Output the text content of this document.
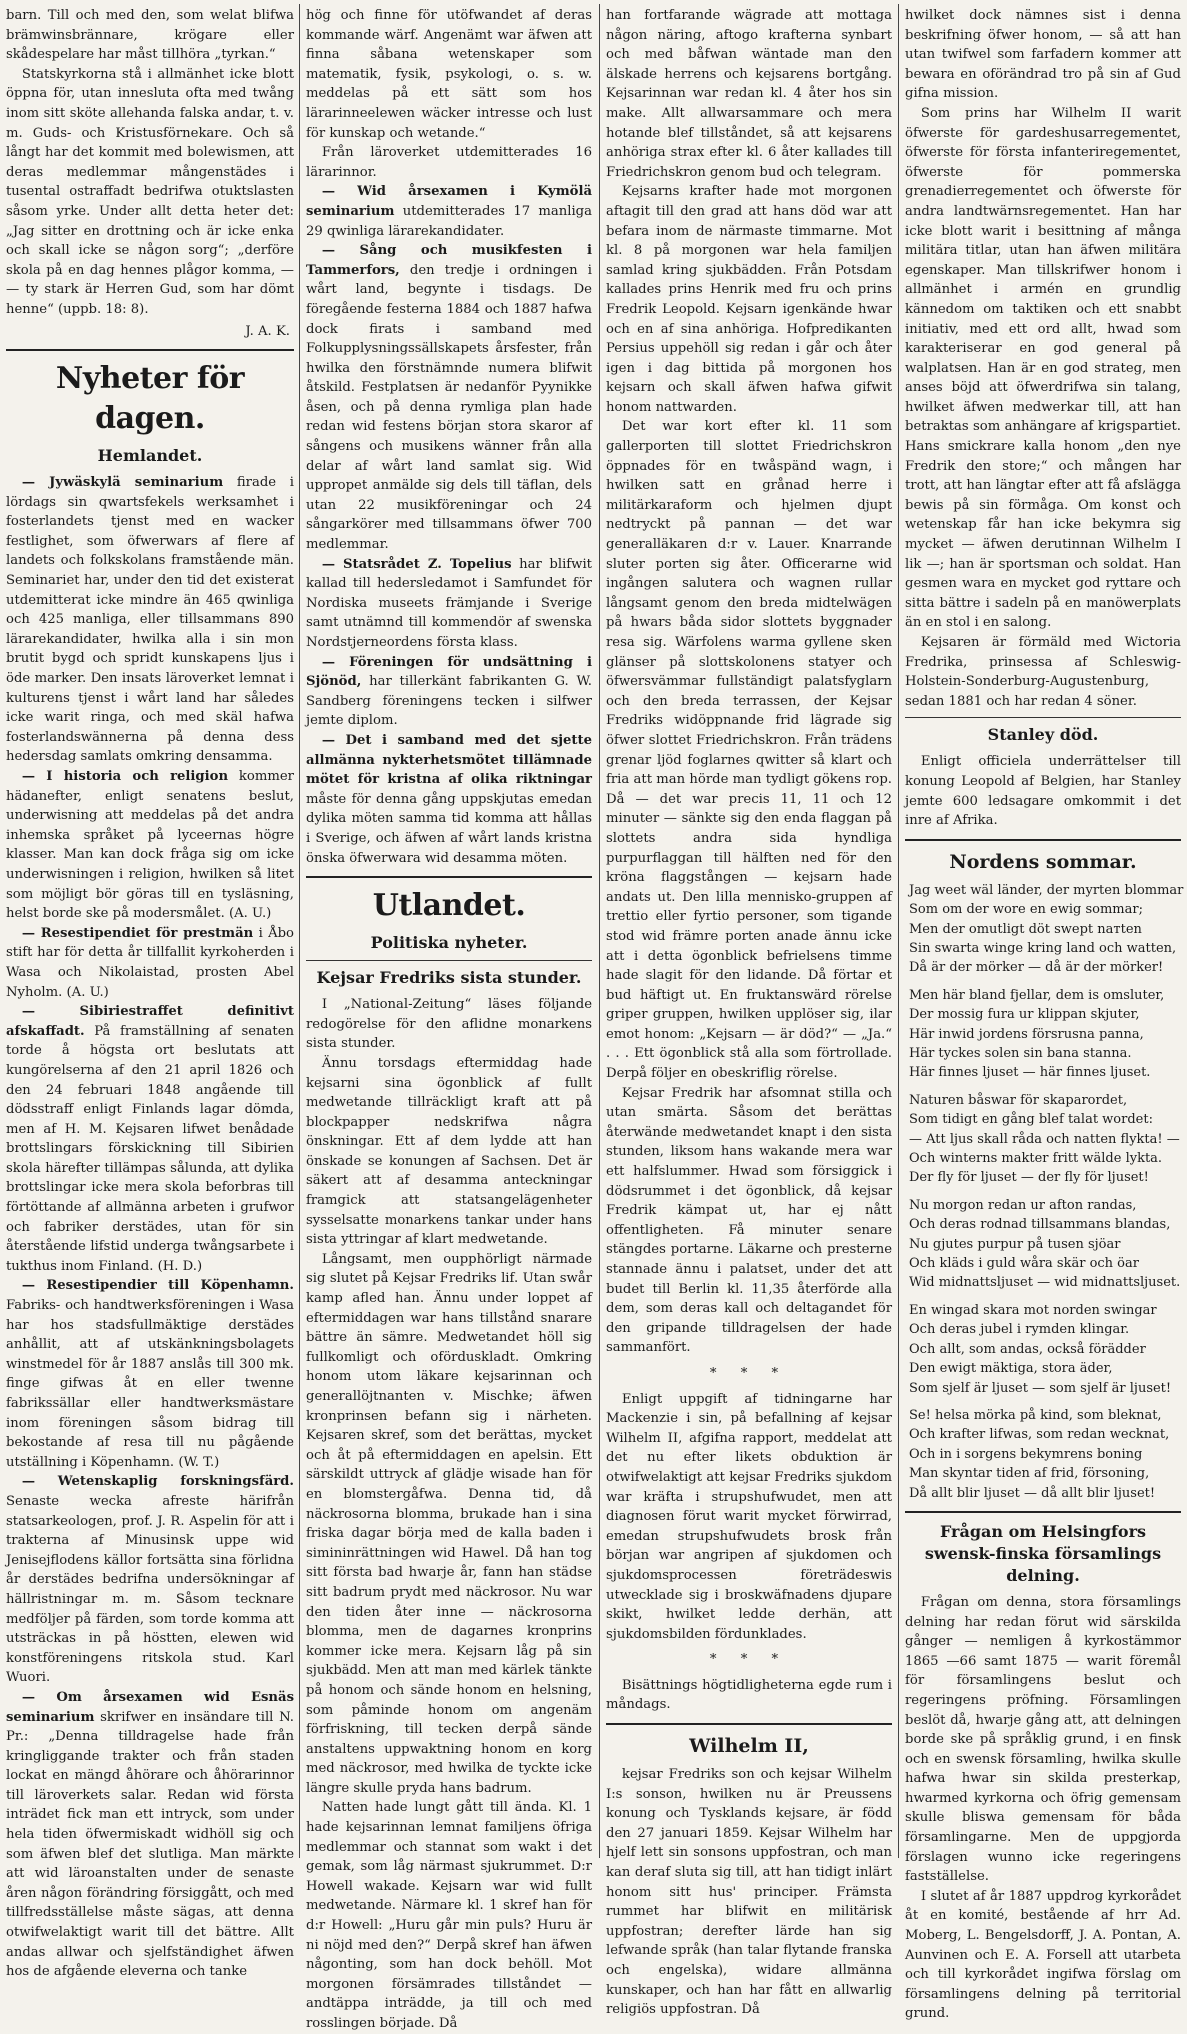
barn. Till och med den, som welat blifwa brämwinsbrännare, krögare eller skådespelare har måst tillhöra „tyrkan.“

Statskyrkorna stå i allmänhet icke blott öppna för, utan inneslutа ofta med twång inom sitt sköte allehanda falska andar, t. v. m. Guds- och Kristusförnekare. Och så långt har det kommit med bolewismen, att deras medlemmar mångenstädes i tusental ostraffadt bedrifwa otuktslasten såsom yrke. Under allt detta heter det: „Jag sitter en drottning och är icke enka och skall icke se någon sorg“; „derföre skola på en dag hennes plågor komma, — — ty stark är Herren Gud, som har dömt henne“ (uppb. 18: 8).

J. A. K.
Nyheter för dagen.
Hemlandet.

— Jywäskylä seminarium firade i lördags sin qwartsfekels werksamhet i fosterlandets tjenst med en wacker festlighet, som öfwerwars af flere af landets och folkskolans framstående män. Seminariet har, under den tid det existerat utdemitterat icke mindre än 465 qwinliga och 425 manliga, eller tillsammans 890 lärarekandidater, hwilka alla i sin mon brutit bygd och spridt kunskapens ljus i öde marker. Den insats läroverket lemnat i kulturens tjenst i wårt land har således icke warit ringa, och med skäl hafwa fosterlandswännerna på denna dess hedersdag samlats omkring densamma.

— I historia och religion kommer hädanefter, enligt senatens beslut, underwisning att meddelas på det andra inhemska språket på lyceernas högre klasser. Man kan dock fråga sig om icke underwisningen i religion, hwilken så litet som möjligt bör göras till en tysläsning, helst borde ske på modersmålet. (A. U.)

— Resestipendiet för prestmän i Åbo stift har för detta år tillfallit kyrkoherden i Wasa och Nikolaistad, prosten Abel Nyholm. (A. U.)

— Sibiriestraffet definitivt afskaffadt. På framställning af senaten torde å högsta ort beslutats att kungörelserna af den 21 april 1826 och den 24 februari 1848 angående till dödsstraff enligt Finlands lagar dömda, men af H. M. Kejsaren lifwet benådade brottslingars förskickning till Sibirien skola härefter tillämpas sålunda, att dylika brottslingar icke mera skola beforbras till förtöttande af allmänna arbeten i grufwor och fabriker derstädes, utan för sin återstående lifstid underga twångsarbete i tukthus inom Finland. (H. D.)

— Resestipendier till Köpenhamn. Fabriks- och handtwerksföreningen i Wasa har hos stadsfullmäktige derstädes anhållit, att af utskänkningsbolagets winstmedel för år 1887 anslås till 300 mk. finge gifwas åt en eller twenne fabrikssällar eller handtwerksmästare inom föreningen såsom bidrag till bekostande af resa till nu pågående utställning i Köpenhamn. (W. T.)

— Wetenskaplig forskningsfärd. Senaste wecka afreste härifrån statsarkeologen, prof. J. R. Aspelin för att i trakterna af Minusinsk uppe wid Jenisejflodens källor fortsätta sina förlidna år derstädes bedrifna undersökningar af hällristningar m. m. Såsom tecknare medföljer på färden, som torde komma att utsträckas in på höstten, elewen wid konstföreningens ritskola stud. Karl Wuori.

— Om årsexamen wid Esnäs seminarium skrifwer en insändare till N. Pr.: „Denna tilldragelse hade från kringliggande trakter och från staden lockat en mängd åhörare och åhörarinnor till läroverkets salar. Redan wid första inträdet fick man ett intryck, som under hela tiden öfwermiskadt widhöll sig och som äfwen blef det slutliga. Man märkte att wid läroanstalten under de senaste åren någon förändring försiggått, och med tillfredsställelse måste sägas, att denna otwifwelaktigt warit till det bättre. Allt andas allwar och sjelfständighet äfwen hos de afgående eleverna och tanke

hög och finne för utöfwandet af deras kommande wärf. Angenämt war äfwen att finna såbana wetenskaper som matematik, fysik, psykologi, o. s. w. meddelas på ett sätt som hos lärarinneelewen wäcker intresse och lust för kunskap och wetande.“

Från läroverket utdemitterades 16 lärarinnor.

— Wid årsexamen i Kymölä seminarium utdemitterades 17 manliga 29 qwinliga lärarekandidater.

— Sång och musikfesten i Tammerfors, den tredje i ordningen i wårt land, begynte i tisdags. De föregående festerna 1884 och 1887 hafwa dock firats i samband med Folkupplysningssällskapets årsfester, från hwilka den förstnämnde numera blifwit åtskild. Festplatsen är nedanför Pyynikke åsen, och på denna rymliga plan hade redan wid festens början stora skaror af sångens och musikens wänner från alla delar af wårt land samlat sig. Wid uppropet anmälde sig dels till täflan, dels utan 22 musikföreningar och 24 sångarkörer med tillsammans öfwer 700 medlemmar.

— Statsrådet Z. Topelius har blifwit kallad till hedersledamot i Samfundet för Nordiska museets främjande i Sverige samt utnämnd till kommendör af swenska Nordstjerneordens första klass.

— Föreningen för undsättning i Sjönöd, har tillerkänt fabrikanten G. W. Sandberg föreningens tecken i silfwer jemte diplom.

— Det i samband med det sjette allmänna nykterhetsmötet tillämnade mötet för kristna af olika riktningar måste för denna gång uppskjutas emedan dylika möten samma tid komma att hållas i Sverige, och äfwen af wårt lands kristna önska öfwerwara wid desamma möten.

Utlandet.
Politiska nyheter.
Kejsar Fredriks sista stunder.

I „National-Zeitung“ läses följande redogörelse för den aflidne monarkens sista stunder.

Ännu torsdags eftermiddag hade kejsarni sina ögonblick af fullt medwetande tillräckligt kraft att på blockpapper nedskrifwa några önskningar. Ett af dem lydde att han önskade se konungen af Sachsen. Det är säkert att af desamma anteckningar framgick att statsangelägenheter sysselsatte monarkens tankar under hans sista yttringar af klart medwetande.

Långsamt, men oupphörligt närmade sig slutet på Kejsar Fredriks lif. Utan swår kamp afled han. Ännu under loppet af eftermiddagen war hans tillstånd snarare bättre än sämre. Medwetandet höll sig fullkomligt och oförduskladt. Omkring honom utom läkare kejsarinnan och generallöjtnanten v. Mischke; äfwen kronprinsen befann sig i närheten. Kejsaren skref, som det berättas, mycket och åt på eftermiddagen en apelsin. Ett särskildt uttryck af glädje wisade han för en blomstergåfwa. Denna tid, då näckrosorna blomma, brukade han i sina friska dagar börja med de kalla baden i simininrättningen wid Hawel. Då han tog sitt första bad hwarje år, fann han städse sitt badrum prydt med näckrosor. Nu war den tiden åter inne — näckrosorna blomma, men de dagarnes kronprins kommer icke mera. Kejsarn låg på sin sjukbädd. Men att man med kärlek tänkte på honom och sände honom en helsning, som påminde honom om angenäm förfriskning, till tecken derpå sände anstaltens uppwaktning honom en korg med näckrosor, med hwilka de tyckte icke längre skulle pryda hans badrum.

Natten hade lungt gått till ända. Kl. 1 hade kejsarinnan lemnat familjens öfriga medlemmar och stannat som wakt i det gemak, som låg närmast sjukrummet. D:r Howell wakade. Kejsarn war wid fullt medwetande. Närmare kl. 1 skref han för d:r Howell: „Huru går min puls? Huru är ni nöjd med den?“ Derpå skref han äfwen någonting, som han dock behöll. Mot morgonen försämrades tillståndet — andtäppa inträdde, ja till och med rosslingen började. Då

han fortfarande wägrade att mottaga någon näring, aftogo krafterna synbart och med båfwan wäntade man den älskade herrens och kejsarens bortgång. Kejsarinnan war redan kl. 4 åter hos sin make. Allt allwarsammare och mera hotande blef tillståndet, så att kejsarens anhöriga strax efter kl. 6 åter kallades till Friedrichskron genom bud och telegram.

Kejsarns krafter hade mot morgonen aftagit till den grad att hans död war att befara inom de närmaste timmarne. Mot kl. 8 på morgonen war hela familjen samlad kring sjukbädden. Från Potsdam kallades prins Henrik med fru och prins Fredrik Leopold. Kejsarn igenkände hwar och en af sina anhöriga. Hofpredikanten Persius uppehöll sig redan i går och åter igen i dag bittida på morgonen hos kejsarn och skall äfwen hafwa gifwit honom nattwarden.

Det war kort efter kl. 11 som gallerporten till slottet Friedrichskron öppnades för en twåspänd wagn, i hwilken satt en grånad herre i militärkaraform och hjelmen djupt nedtryckt på pannan — det war generalläkaren d:r v. Lauer. Knarrande sluter porten sig åter. Officerarne wid ingången salutera och wagnen rullar långsamt genom den breda midtelwägen på hwars båda sidor slottets byggnader resa sig. Wärfolens warma gyllene sken glänser på slottskolonens statyer och öfwersvämmar fullständigt palatsfyglarn och den breda terrassen, der Kejsar Fredriks widöppnande frid lägrade sig öfwer slottet Friedrichskron. Från trädens grenar ljöd foglarnes qwitter så klart och fria att man hörde man tydligt gökens rop. Då — det war precis 11, 11 och 12 minuter — sänkte sig den enda flaggan på slottets andra sida hyndliga purpurflaggan till hälften ned för den kröna flaggstången — kejsarn hade andats ut. Den lilla mennisko-gruppen af trettio eller fyrtio personer, som tigande stod wid främre porten anade ännu icke att i detta ögonblick befrielsens timme hade slagit för den lidande. Då förtar et bud häftigt ut. En fruktanswärd rörelse griper gruppen, hwilken upplöser sig, ilar emot honom: „Kejsarn — är död?“ — „Ja.“ . . . Ett ögonblick stå alla som förtrollade. Derpå följer en obeskriflig rörelse.

Kejsar Fredrik har afsomnat stilla och utan smärta. Såsom det berättas återwände medwetandet knapt i den sista stunden, liksom hans wakande mera war ett halfslummer. Hwad som försiggick i dödsrummet i det ögonblick, då kejsar Fredrik kämpat ut, har ej nått offentligheten. Få minuter senare stängdes portarne. Läkarne och presterne stannade ännu i palatset, under det att budet till Berlin kl. 11,35 återförde alla dem, som deras kall och deltagandet för den gripande tilldragelsen der hade sammanfört.

* * *

Enligt uppgift af tidningarne har Mackenzie i sin, på befallning af kejsar Wilhelm II, afgifna rapport, meddelat att det nu efter likets obduktion är otwifwelaktigt att kejsar Fredriks sjukdom war kräfta i strupshufwudet, men att diagnosen förut warit mycket förwirrad, emedan strupshufwudets brosk från början war angripen af sjukdomen och sjukdomsprocessen företrädeswis utwecklade sig i broskwäfnadens djupare skikt, hwilket ledde derhän, att sjukdomsbilden fördunklades.

* * *

Bisättnings högtidligheterna egde rum i måndags.

Wilhelm II,

kejsar Fredriks son och kejsar Wilhelm I:s sonson, hwilken nu är Preussens konung och Tysklands kejsare, är född den 27 januari 1859. Kejsar Wilhelm har hjelf lett sin sonsons uppfostran, och man kan deraf sluta sig till, att han tidigt inlärt honom sitt hus' principer. Främsta rummet har blifwit en militärisk uppfostran; derefter lärde han sig lefwande språk (han talar flytande franska och engelska), widare allmänna kunskaper, och han har fått en allwarlig religiös uppfostran. Då

hwilket dock nämnes sist i denna beskrifning öfwer honom, — så att han utan twifwel som farfadern kommer att bewara en oförändrad tro på sin af Gud gifna mission.

Som prins har Wilhelm II warit öfwerste för gardeshusarregementet, öfwerste för första infanteriregementet, öfwerste för pommerska grenadierregementet och öfwerste för andra landtwärnsregementet. Han har icke blott warit i besittning af många militära titlar, utan han äfwen militära egenskaper. Man tillskrifwer honom i allmänhet i armén en grundlig kännedom om taktiken och ett snabbt initiativ, med ett ord allt, hwad som karakteriserar en god general på walplatsen. Han är en god strateg, men anses böjd att öfwerdrifwa sin talang, hwilket äfwen medwerkar till, att han betraktas som anhängare af krigspartiet. Hans smickrare kalla honom „den nye Fredrik den store;“ och mången har trott, att han längtar efter att få afslägga bewis på sin förmåga. Om konst och wetenskap får han icke bekymra sig mycket — äfwen derutinnan Wilhelm I lik —; han är sportsman och soldat. Han gesmen warа en mycket god ryttare och sitta bättre i sadeln på en manöwerplats än en stol i en salong.

Kejsaren är förmäld med Wictoria Fredrika, prinsessa af Schleswig-Holstein-Sonderburg-Augustenburg, sedan 1881 och har redan 4 söner.

Stanley död.

Enligt officiela underrättelser till konung Leopold af Belgien, har Stanley jemte 600 ledsagare omkommit i det inre af Afrika.

Nordens sommar.
Jag weet wäl länder, der myrten blommar
Som om der wore en ewig sommar;
Men der omutligt döt swept naтten
Sin swarta winge kring land och watten,
Då är der mörker — då är der mörker!
Men här bland fjellar, dem is omsluter,
Der mossig fura ur klippan skjuter,
Här inwid jordens försrusna panna,
Här tyckes solen sin bana stanna.
Här finnes ljuset — här finnes ljuset.
Naturen båswar för skaparordet,
Som tidigt en gång blef talat wordet:
— Att ljus skall råda och natten flykta! —
Och winterns makter fritt wälde lykta.
Der fly för ljuset — der fly för ljuset!
Nu morgon redan ur afton randas,
Och deras rodnad tillsammans blandas,
Nu gjutes purpur på tusen sjöar
Och kläds i guld wåra skär och öar
Wid midnattsljuset — wid midnattsljuset.
En wingad skara mot norden swingar
Och deras jubel i rymden klingar.
Och allt, som andas, också förädder
Den ewigt mäktiga, stora äder,
Som sjelf är ljuset — som sjelf är ljuset!
Se! helsa mörka på kind, som bleknat,
Och krafter lifwas, som redan wecknat,
Och in i sorgens bekymrens boning
Man skyntar tiden af frid, försoning,
Då allt blir ljuset — då allt blir ljuset!
Frågan om Helsingfors swensk-finska församlings delning.

Frågan om denna, stora församlings delning har redan förut wid särskilda gånger — nemligen å kyrkostämmor 1865 —66 samt 1875 — warit föremål för församlingens beslut och regeringens pröfning. Församlingen beslöt då, hwarje gång att, att delningen borde ske på språklig grund, i en finsk och en swensk församling, hwilka skulle hafwa hwar sin skilda presterkap, hwarmed kyrkorna och öfrig gemensam skulle bliswa gemensam för båda församlingarne. Men de uppgjorda förslagen wunno icke regeringens fastställelse.

I slutet af år 1887 uppdrog kyrkorådet åt en komité, bestående af hrr Ad. Moberg, L. Bengelsdorff, J. A. Pontan, A. Aunvinen och E. A. Forsell att utarbeta och till kyrkorådet ingifwa förslag om församlingens delning på territorial grund.
